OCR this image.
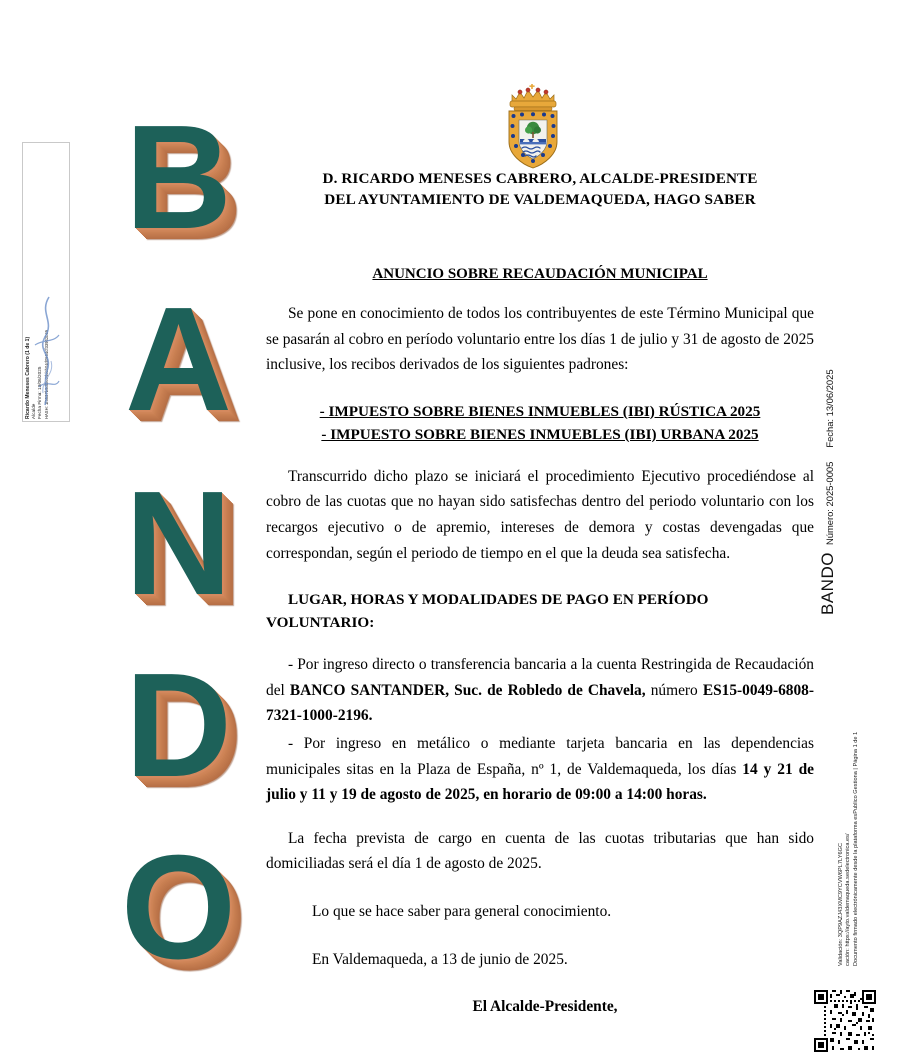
Ricardo Meneses Cabrero (1 de 1) Alcalde Fecha Firma: 13/06/2025 HASH: 1f5537b5dfb60ddcb04d0564cf33942b65
B
A
N
D
O
D. RICARDO MENESES CABRERO, ALCALDE-PRESIDENTE
DEL AYUNTAMIENTO DE VALDEMAQUEDA, HAGO SABER
ANUNCIO SOBRE RECAUDACIÓN MUNICIPAL

Se pone en conocimiento de todos los contribuyentes de este Término Municipal que se pasarán al cobro en período voluntario entre los días 1 de julio y 31 de agosto de 2025 inclusive, los recibos derivados de los siguientes padrones:

- IMPUESTO SOBRE BIENES INMUEBLES (IBI) RÚSTICA 2025
- IMPUESTO SOBRE BIENES INMUEBLES (IBI) URBANA 2025

Transcurrido dicho plazo se iniciará el procedimiento Ejecutivo procediéndose al cobro de las cuotas que no hayan sido satisfechas dentro del periodo voluntario con los recargos ejecutivo o de apremio, intereses de demora y costas devengadas que correspondan, según el periodo de tiempo en el que la deuda sea satisfecha.

LUGAR, HORAS Y MODALIDADES DE PAGO EN PERÍODO
VOLUNTARIO:

- Por ingreso directo o transferencia bancaria a la cuenta Restringida de Recaudación del BANCO SANTANDER, Suc. de Robledo de Chavela, número ES15-0049-6808-7321-1000-2196.

- Por ingreso en metálico o mediante tarjeta bancaria en las dependencias municipales sitas en la Plaza de España, nº 1, de Valdemaqueda, los días 14 y 21 de julio y 11 y 19 de agosto de 2025, en horario de 09:00 a 14:00 horas.

La fecha prevista de cargo en cuenta de las cuotas tributarias que han sido domiciliadas será el día 1 de agosto de 2025.

Lo que se hace saber para general conocimiento.
En Valdemaqueda, a 13 de junio de 2025.
El Alcalde-Presidente,
BANDO
Número: 2025-0005
Fecha: 13/06/2025
Validación: 3QP9AZJ43XMC9YCVW6PL7LY6GC cación: https://ayto.valdemaqueda.sedelectronica.es/ Documento firmado electrónicamente desde la plataforma esPublico Gestiona | Página 1 de 1
